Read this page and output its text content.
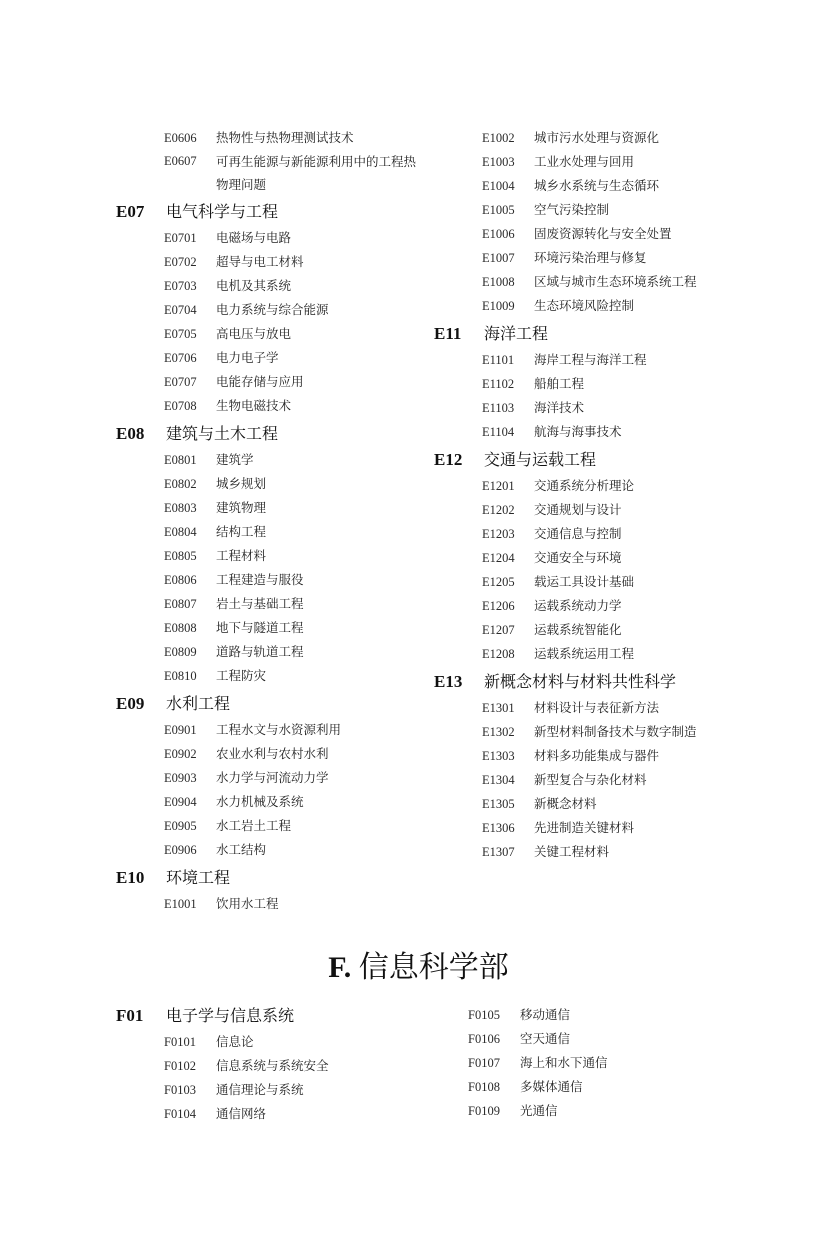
E0606	热物性与热物理测试技术
E0607	可再生能源与新能源利用中的工程热物理问题
E07	电气科学与工程
E0701	电磁场与电路
E0702	超导与电工材料
E0703	电机及其系统
E0704	电力系统与综合能源
E0705	高电压与放电
E0706	电力电子学
E0707	电能存储与应用
E0708	生物电磁技术
E08	建筑与土木工程
E0801	建筑学
E0802	城乡规划
E0803	建筑物理
E0804	结构工程
E0805	工程材料
E0806	工程建造与服役
E0807	岩土与基础工程
E0808	地下与隧道工程
E0809	道路与轨道工程
E0810	工程防灾
E09	水利工程
E0901	工程水文与水资源利用
E0902	农业水利与农村水利
E0903	水力学与河流动力学
E0904	水力机械及系统
E0905	水工岩土工程
E0906	水工结构
E10	环境工程
E1001	饮用水工程
E1002	城市污水处理与资源化
E1003	工业水处理与回用
E1004	城乡水系统与生态循环
E1005	空气污染控制
E1006	固废资源转化与安全处置
E1007	环境污染治理与修复
E1008	区域与城市生态环境系统工程
E1009	生态环境风险控制
E11	海洋工程
E1101	海岸工程与海洋工程
E1102	船舶工程
E1103	海洋技术
E1104	航海与海事技术
E12	交通与运载工程
E1201	交通系统分析理论
E1202	交通规划与设计
E1203	交通信息与控制
E1204	交通安全与环境
E1205	载运工具设计基础
E1206	运载系统动力学
E1207	运载系统智能化
E1208	运载系统运用工程
E13	新概念材料与材料共性科学
E1301	材料设计与表征新方法
E1302	新型材料制备技术与数字制造
E1303	材料多功能集成与器件
E1304	新型复合与杂化材料
E1305	新概念材料
E1306	先进制造关键材料
E1307	关键工程材料
F. 信息科学部
F01	电子学与信息系统
F0101	信息论
F0102	信息系统与系统安全
F0103	通信理论与系统
F0104	通信网络
F0105	移动通信
F0106	空天通信
F0107	海上和水下通信
F0108	多媒体通信
F0109	光通信
